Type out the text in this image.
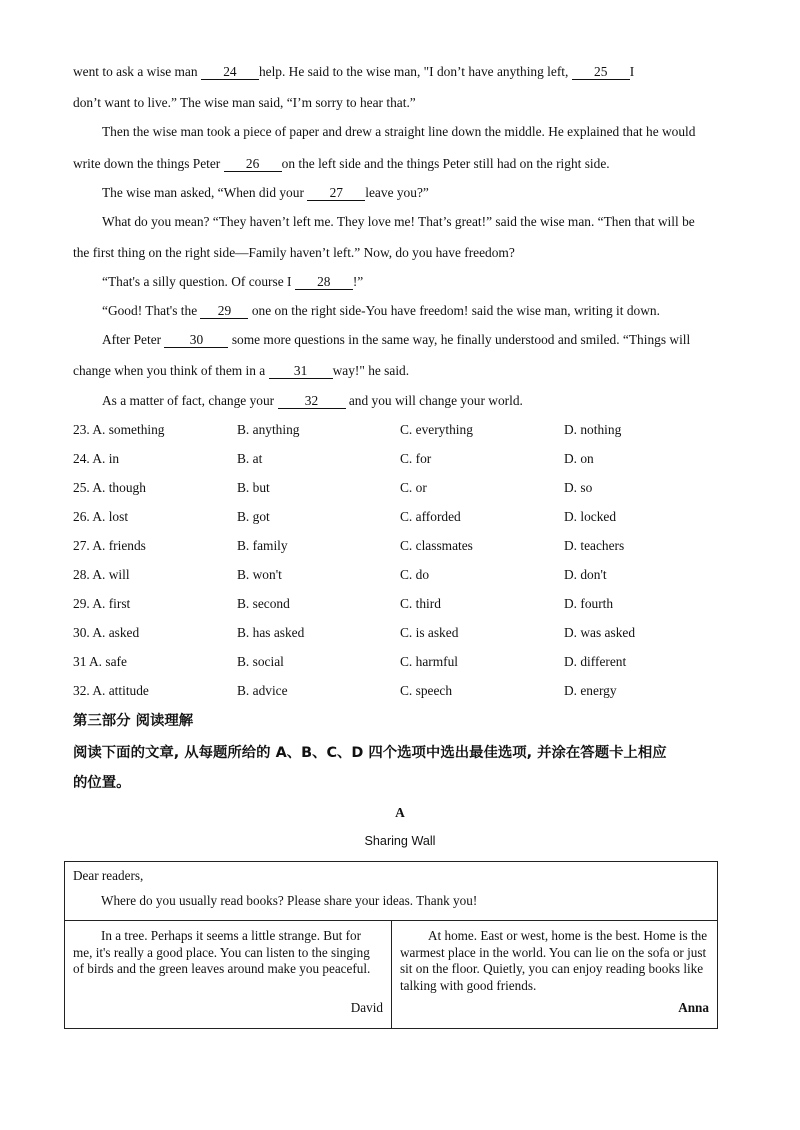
went to ask a wise man 24 help. He said to the wise man, "I don’t have anything left, 25 I
don’t want to live.” The wise man said, “I’m sorry to hear that.”
Then the wise man took a piece of paper and drew a straight line down the middle. He explained that he would
write down the things Peter 26 on the left side and the things Peter still had on the right side.
The wise man asked, “When did your 27 leave you?”
What do you mean? “They haven’t left me. They love me! That’s great!” said the wise man. “Then that will be
the first thing on the right side—Family haven’t left.” Now, do you have freedom?
“That's a silly question. Of course I 28 !”
“Good! That's the 29 one on the right side-You have freedom! said the wise man, writing it down.
After Peter 30 some more questions in the same way, he finally understood and smiled. “Things will
change when you think of them in a 31 way!" he said.
As a matter of fact, change your 32 and you will change your world.
23. A. something	B. anything	C. everything	D. nothing
24. A. in	B. at	C. for	D. on
25. A. though	B. but	C. or	D. so
26. A. lost	B. got	C. afforded	D. locked
27. A. friends	B. family	C. classmates	D. teachers
28. A. will	B. won't	C. do	D. don't
29. A. first	B. second	C. third	D. fourth
30. A. asked	B. has asked	C. is asked	D. was asked
31 A. safe	B. social	C. harmful	D. different
32. A. attitude	B. advice	C. speech	D. energy
第三部分 阅读理解
阅读下面的文章, 从每题所给的 A、B、C、D 四个选项中选出最佳选项, 并涂在答题卡上相应
的位置。
A
Sharing Wall
Dear readers,
Where do you usually read books? Please share your ideas. Thank you!
In a tree. Perhaps it seems a little strange. But for me, it's really a good place. You can listen to the singing of birds and the green leaves around make you peaceful.
David
At home. East or west, home is the best. Home is the warmest place in the world. You can lie on the sofa or just sit on the floor. Quietly, you can enjoy reading books like talking with good friends.
Anna
